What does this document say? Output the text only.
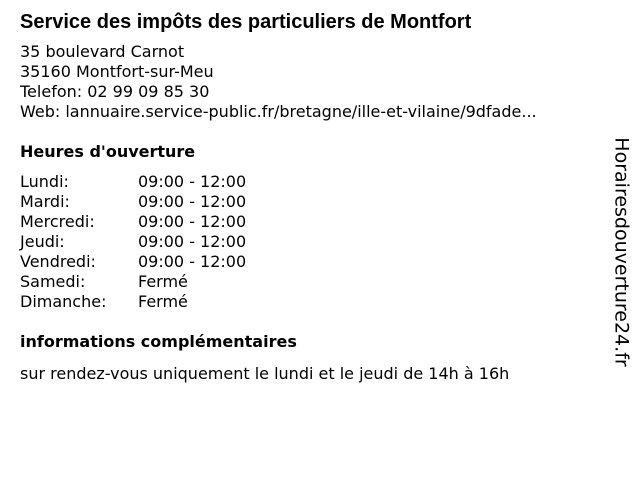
Service des impôts des particuliers de Montfort
35 boulevard Carnot
35160 Montfort-sur-Meu
Telefon: 02 99 09 85 30
Web: lannuaire.service-public.fr/bretagne/ille-et-vilaine/9dfade...
Heures d'ouverture
Lundi:	09:00 - 12:00
Mardi:	09:00 - 12:00
Mercredi:	09:00 - 12:00
Jeudi:	09:00 - 12:00
Vendredi:	09:00 - 12:00
Samedi:	Fermé
Dimanche:	Fermé
informations complémentaires
sur rendez-vous uniquement le lundi et le jeudi de 14h à 16h
Horairesdouverture24.fr
